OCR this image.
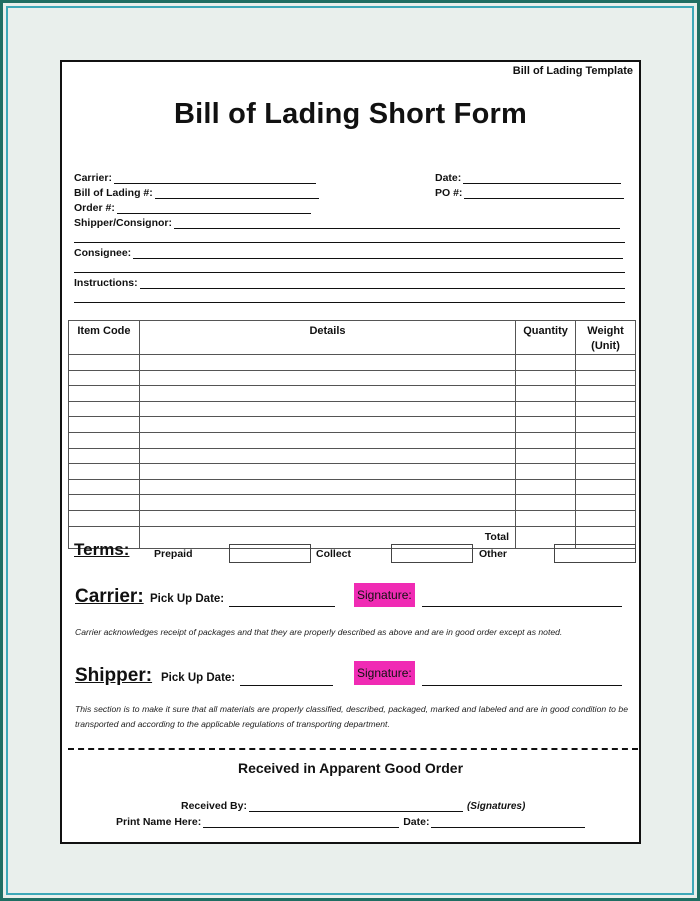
Bill of Lading Template
Bill of Lading Short Form
Carrier:	Date:
Bill of Lading #:	PO #:
Order #:
Shipper/Consignor:
Consignee:
Instructions:
Item Code	Details	Quantity	Weight (Unit)

	Total		
Terms: Prepaid	Collect	Other
Carrier: Pick Up Date:	Signature:
Carrier acknowledges receipt of packages and that they are properly described as above and are in good order except as noted.
Shipper: Pick Up Date:	Signature:
This section is to make it sure that all materials are properly classified, described, packaged, marked and labeled and are in good condition to be transported and according to the applicable regulations of transporting department.
Received in Apparent Good Order
Received By:	(Signatures)
Print Name Here:	Date:
